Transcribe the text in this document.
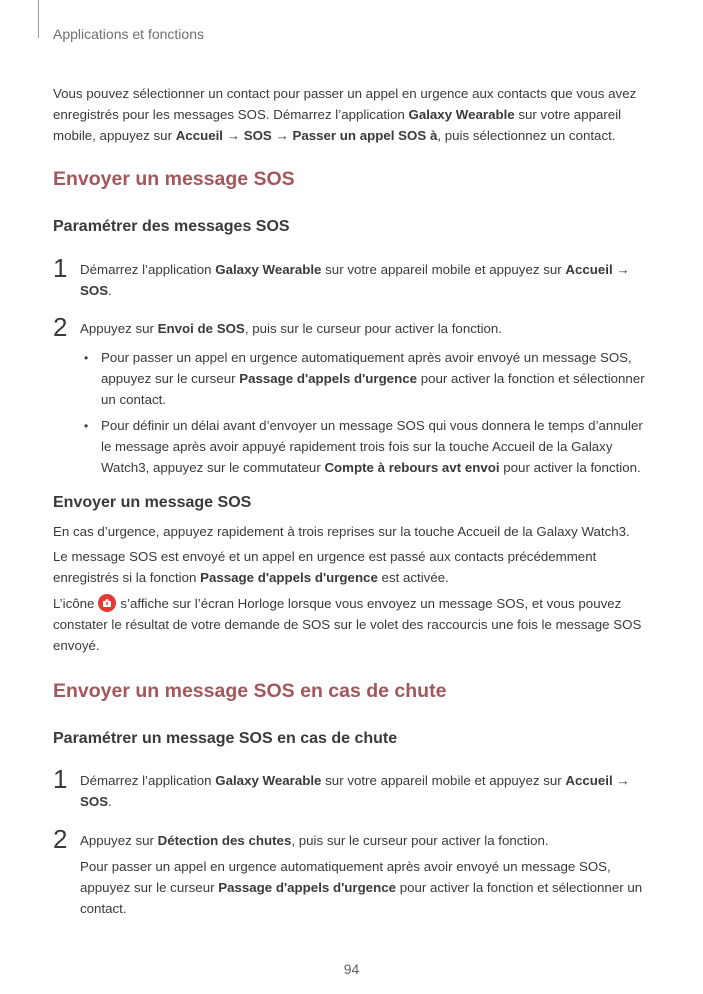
Applications et fonctions

Vous pouvez sélectionner un contact pour passer un appel en urgence aux contacts que vous avez

enregistrés pour les messages SOS. Démarrez l’application Galaxy Wearable sur votre appareil

mobile, appuyez sur Accueil → SOS → Passer un appel SOS à, puis sélectionnez un contact.

Envoyer un message SOS
Paramétrer des messages SOS
1 Démarrez l’application Galaxy Wearable sur votre appareil mobile et appuyez sur Accueil →

SOS.

2 Appuyez sur Envoi de SOS, puis sur le curseur pour activer la fonction.

• Pour passer un appel en urgence automatiquement après avoir envoyé un message SOS,

appuyez sur le curseur Passage d'appels d'urgence pour activer la fonction et sélectionner

un contact.

• Pour définir un délai avant d’envoyer un message SOS qui vous donnera le temps d’annuler

le message après avoir appuyé rapidement trois fois sur la touche Accueil de la Galaxy

Watch3, appuyez sur le commutateur Compte à rebours avt envoi pour activer la fonction.

Envoyer un message SOS

En cas d’urgence, appuyez rapidement à trois reprises sur la touche Accueil de la Galaxy Watch3.

Le message SOS est envoyé et un appel en urgence est passé aux contacts précédemment

enregistrés si la fonction Passage d'appels d'urgence est activée.

L’icône s’affiche sur l’écran Horloge lorsque vous envoyez un message SOS, et vous pouvez

constater le résultat de votre demande de SOS sur le volet des raccourcis une fois le message SOS

envoyé.

Envoyer un message SOS en cas de chute
Paramétrer un message SOS en cas de chute
1 Démarrez l’application Galaxy Wearable sur votre appareil mobile et appuyez sur Accueil →

SOS.

2 Appuyez sur Détection des chutes, puis sur le curseur pour activer la fonction.

Pour passer un appel en urgence automatiquement après avoir envoyé un message SOS,

appuyez sur le curseur Passage d'appels d'urgence pour activer la fonction et sélectionner un

contact.

94
